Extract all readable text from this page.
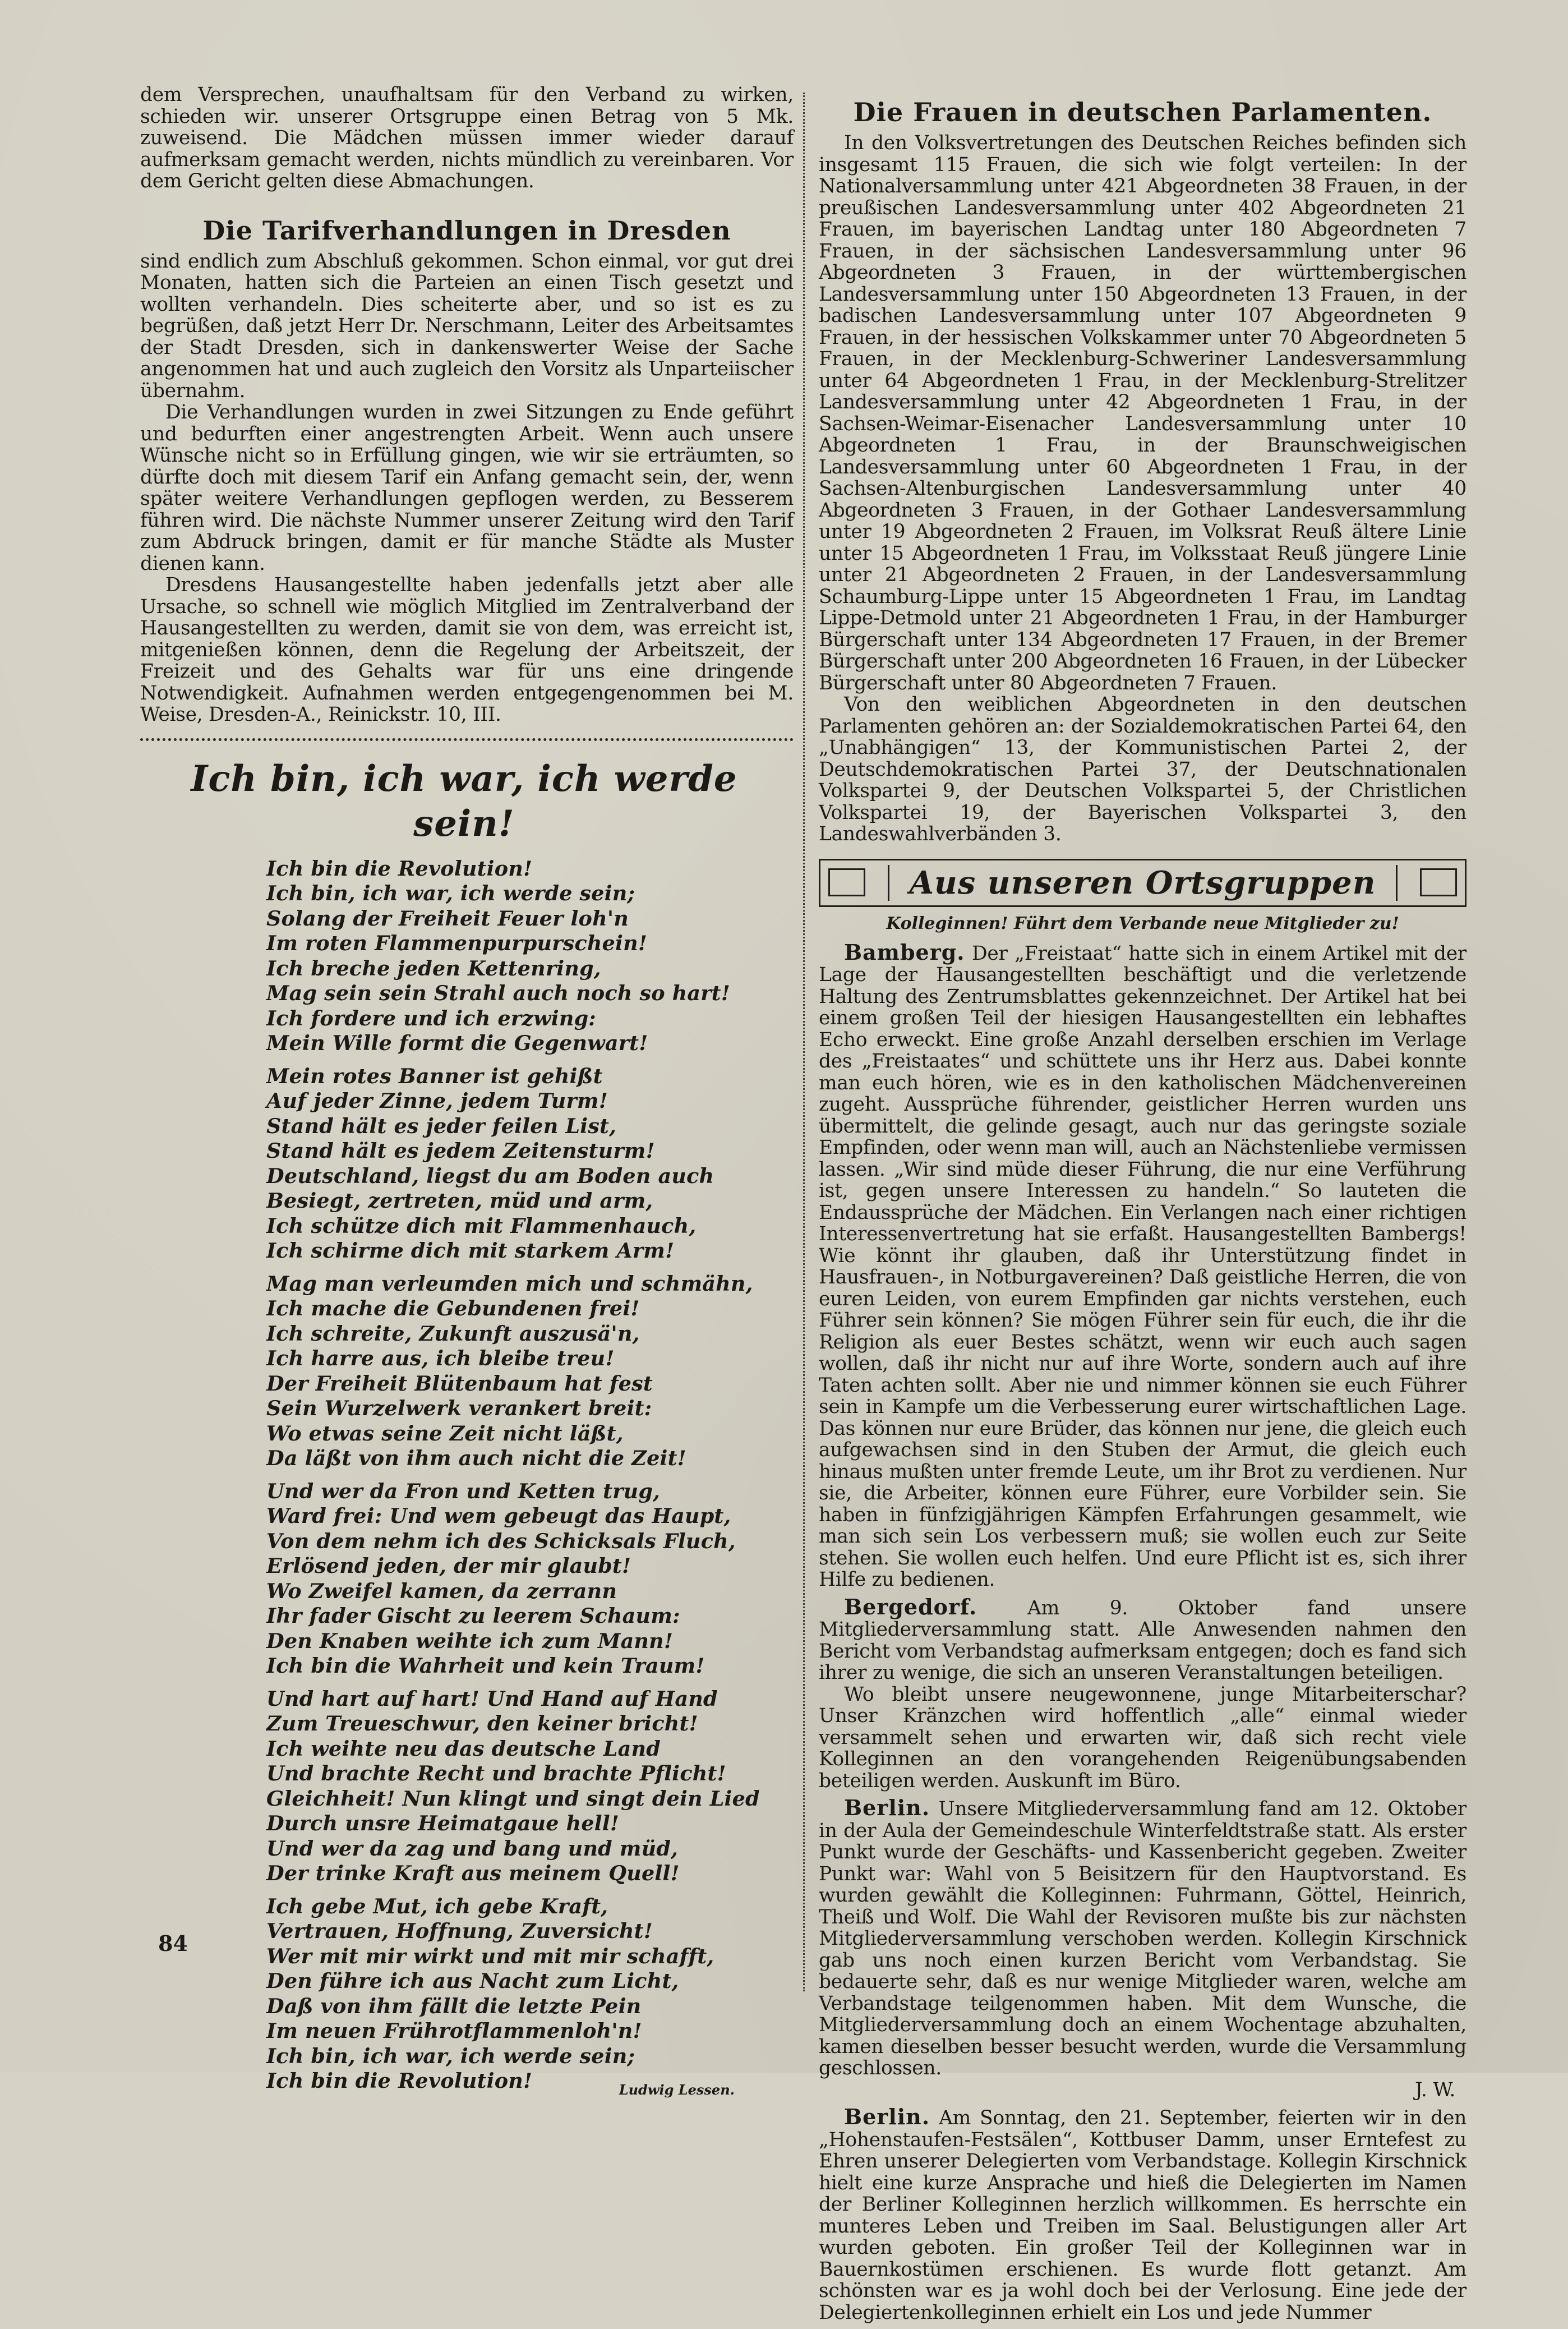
dem Versprechen, unaufhaltsam für den Verband zu wirken, schieden wir. unserer Ortsgruppe einen Betrag von 5 Mk. zuweisend. Die Mädchen müssen immer wieder darauf aufmerksam gemacht werden, nichts mündlich zu vereinbaren. Vor dem Gericht gelten diese Abmachungen.

Die Tarifverhandlungen in Dresden

sind endlich zum Abschluß gekommen. Schon einmal, vor gut drei Monaten, hatten sich die Parteien an einen Tisch gesetzt und wollten verhandeln. Dies scheiterte aber, und so ist es zu begrüßen, daß jetzt Herr Dr. Nerschmann, Leiter des Arbeitsamtes der Stadt Dresden, sich in dankenswerter Weise der Sache angenommen hat und auch zugleich den Vorsitz als Unparteiischer übernahm.

Die Verhandlungen wurden in zwei Sitzungen zu Ende geführt und bedurften einer angestrengten Arbeit. Wenn auch unsere Wünsche nicht so in Erfüllung gingen, wie wir sie erträumten, so dürfte doch mit diesem Tarif ein Anfang gemacht sein, der, wenn später weitere Verhandlungen gepflogen werden, zu Besserem führen wird. Die nächste Nummer unserer Zeitung wird den Tarif zum Abdruck bringen, damit er für manche Städte als Muster dienen kann.

Dresdens Hausangestellte haben jedenfalls jetzt aber alle Ursache, so schnell wie möglich Mitglied im Zentralverband der Hausangestellten zu werden, damit sie von dem, was erreicht ist, mitgenießen können, denn die Regelung der Arbeitszeit, der Freizeit und des Gehalts war für uns eine dringende Notwendigkeit. Aufnahmen werden entgegengenommen bei M. Weise, Dresden-A., Reinickstr. 10, III.

Ich bin, ich war, ich werde sein!
Ich bin die Revolution!
Ich bin, ich war, ich werde sein;
Solang der Freiheit Feuer loh'n
Im roten Flammenpurpurschein!
Ich breche jeden Kettenring,
Mag sein sein Strahl auch noch so hart!
Ich fordere und ich erzwing:
Mein Wille formt die Gegenwart!
Mein rotes Banner ist gehißt
Auf jeder Zinne, jedem Turm!
Stand hält es jeder feilen List,
Stand hält es jedem Zeitensturm!
Deutschland, liegst du am Boden auch
Besiegt, zertreten, müd und arm,
Ich schütze dich mit Flammenhauch,
Ich schirme dich mit starkem Arm!
Mag man verleumden mich und schmähn,
Ich mache die Gebundenen frei!
Ich schreite, Zukunft auszusä'n,
Ich harre aus, ich bleibe treu!
Der Freiheit Blütenbaum hat fest
Sein Wurzelwerk verankert breit:
Wo etwas seine Zeit nicht läßt,
Da läßt von ihm auch nicht die Zeit!
Und wer da Fron und Ketten trug,
Ward frei: Und wem gebeugt das Haupt,
Von dem nehm ich des Schicksals Fluch,
Erlösend jeden, der mir glaubt!
Wo Zweifel kamen, da zerrann
Ihr fader Gischt zu leerem Schaum:
Den Knaben weihte ich zum Mann!
Ich bin die Wahrheit und kein Traum!
Und hart auf hart! Und Hand auf Hand
Zum Treueschwur, den keiner bricht!
Ich weihte neu das deutsche Land
Und brachte Recht und brachte Pflicht!
Gleichheit! Nun klingt und singt dein Lied
Durch unsre Heimatgaue hell!
Und wer da zag und bang und müd,
Der trinke Kraft aus meinem Quell!
Ich gebe Mut, ich gebe Kraft,
Vertrauen, Hoffnung, Zuversicht!
Wer mit mir wirkt und mit mir schafft,
Den führe ich aus Nacht zum Licht,
Daß von ihm fällt die letzte Pein
Im neuen Frührotflammenloh'n!
Ich bin, ich war, ich werde sein;
Ich bin die Revolution!	Ludwig Lessen.
Die Frauen in deutschen Parlamenten.

In den Volksvertretungen des Deutschen Reiches befinden sich insgesamt 115 Frauen, die sich wie folgt verteilen: In der Nationalversammlung unter 421 Abgeordneten 38 Frauen, in der preußischen Landesversammlung unter 402 Abgeordneten 21 Frauen, im bayerischen Landtag unter 180 Abgeordneten 7 Frauen, in der sächsischen Landesversammlung unter 96 Abgeordneten 3 Frauen, in der württembergischen Landesversammlung unter 150 Abgeordneten 13 Frauen, in der badischen Landesversammlung unter 107 Abgeordneten 9 Frauen, in der hessischen Volkskammer unter 70 Abgeordneten 5 Frauen, in der Mecklenburg-Schweriner Landesversammlung unter 64 Abgeordneten 1 Frau, in der Mecklenburg-Strelitzer Landesversammlung unter 42 Abgeordneten 1 Frau, in der Sachsen-Weimar-Eisenacher Landesversammlung unter 10 Abgeordneten 1 Frau, in der Braunschweigischen Landesversammlung unter 60 Abgeordneten 1 Frau, in der Sachsen-Altenburgischen Landesversammlung unter 40 Abgeordneten 3 Frauen, in der Gothaer Landesversammlung unter 19 Abgeordneten 2 Frauen, im Volksrat Reuß ältere Linie unter 15 Abgeordneten 1 Frau, im Volksstaat Reuß jüngere Linie unter 21 Abgeordneten 2 Frauen, in der Landesversammlung Schaumburg-Lippe unter 15 Abgeordneten 1 Frau, im Landtag Lippe-Detmold unter 21 Abgeordneten 1 Frau, in der Hamburger Bürgerschaft unter 134 Abgeordneten 17 Frauen, in der Bremer Bürgerschaft unter 200 Abgeordneten 16 Frauen, in der Lübecker Bürgerschaft unter 80 Abgeordneten 7 Frauen.

Von den weiblichen Abgeordneten in den deutschen Parlamenten gehören an: der Sozialdemokratischen Partei 64, den „Unabhängigen“ 13, der Kommunistischen Partei 2, der Deutschdemokratischen Partei 37, der Deutschnationalen Volkspartei 9, der Deutschen Volkspartei 5, der Christlichen Volkspartei 19, der Bayerischen Volkspartei 3, den Landeswahlverbänden 3.

Aus unseren Ortsgruppen
Kolleginnen! Führt dem Verbande neue Mitglieder zu!

Bamberg. Der „Freistaat“ hatte sich in einem Artikel mit der Lage der Hausangestellten beschäftigt und die verletzende Haltung des Zentrumsblattes gekennzeichnet. Der Artikel hat bei einem großen Teil der hiesigen Hausangestellten ein lebhaftes Echo erweckt. Eine große Anzahl derselben erschien im Verlage des „Freistaates“ und schüttete uns ihr Herz aus. Dabei konnte man euch hören, wie es in den katholischen Mädchenvereinen zugeht. Aussprüche führender, geistlicher Herren wurden uns übermittelt, die gelinde gesagt, auch nur das geringste soziale Empfinden, oder wenn man will, auch an Nächstenliebe vermissen lassen. „Wir sind müde dieser Führung, die nur eine Verführung ist, gegen unsere Interessen zu handeln.“ So lauteten die Endaussprüche der Mädchen. Ein Verlangen nach einer richtigen Interessenvertretung hat sie erfaßt. Hausangestellten Bambergs! Wie könnt ihr glauben, daß ihr Unterstützung findet in Hausfrauen-, in Notburgavereinen? Daß geistliche Herren, die von euren Leiden, von eurem Empfinden gar nichts verstehen, euch Führer sein können? Sie mögen Führer sein für euch, die ihr die Religion als euer Bestes schätzt, wenn wir euch auch sagen wollen, daß ihr nicht nur auf ihre Worte, sondern auch auf ihre Taten achten sollt. Aber nie und nimmer können sie euch Führer sein in Kampfe um die Verbesserung eurer wirtschaftlichen Lage. Das können nur eure Brüder, das können nur jene, die gleich euch aufgewachsen sind in den Stuben der Armut, die gleich euch hinaus mußten unter fremde Leute, um ihr Brot zu verdienen. Nur sie, die Arbeiter, können eure Führer, eure Vorbilder sein. Sie haben in fünfzigjährigen Kämpfen Erfahrungen gesammelt, wie man sich sein Los verbessern muß; sie wollen euch zur Seite stehen. Sie wollen euch helfen. Und eure Pflicht ist es, sich ihrer Hilfe zu bedienen.

Bergedorf.	Am 9. Oktober fand unsere Mitgliederversammlung statt. Alle Anwesenden nahmen den Bericht vom Verbandstag aufmerksam entgegen; doch es fand sich ihrer zu wenige, die sich an unseren Veranstaltungen beteiligen.

Wo bleibt unsere neugewonnene, junge Mitarbeiterschar? Unser Kränzchen wird hoffentlich „alle“ einmal wieder versammelt sehen und erwarten wir, daß sich recht viele Kolleginnen an den vorangehenden Reigenübungsabenden beteiligen werden. Auskunft im Büro.

Berlin. Unsere Mitgliederversammlung fand am 12. Oktober in der Aula der Gemeindeschule Winterfeldtstraße statt. Als erster Punkt wurde der Geschäfts- und Kassenbericht gegeben. Zweiter Punkt war: Wahl von 5 Beisitzern für den Hauptvorstand. Es wurden gewählt die Kolleginnen: Fuhrmann, Göttel, Heinrich, Theiß und Wolf. Die Wahl der Revisoren mußte bis zur nächsten Mitgliederversammlung verschoben werden. Kollegin Kirschnick gab uns noch einen kurzen Bericht vom Verbandstag. Sie bedauerte sehr, daß es nur wenige Mitglieder waren, welche am Verbandstage teilgenommen haben. Mit dem Wunsche, die Mitgliederversammlung doch an einem Wochentage abzuhalten, kamen dieselben besser besucht werden, wurde die Versammlung geschlossen.

J. W.

Berlin. Am Sonntag, den 21. September, feierten wir in den „Hohenstaufen-Festsälen“, Kottbuser Damm, unser Erntefest zu Ehren unserer Delegierten vom Verbandstage. Kollegin Kirschnick hielt eine kurze Ansprache und hieß die Delegierten im Namen der Berliner Kolleginnen herzlich willkommen. Es herrschte ein munteres Leben und Treiben im Saal. Belustigungen aller Art wurden geboten. Ein großer Teil der Kolleginnen war in Bauernkostümen erschienen. Es wurde flott getanzt. Am schönsten war es ja wohl doch bei der Verlosung. Eine jede der Delegiertenkolleginnen erhielt ein Los und jede Nummer

84
